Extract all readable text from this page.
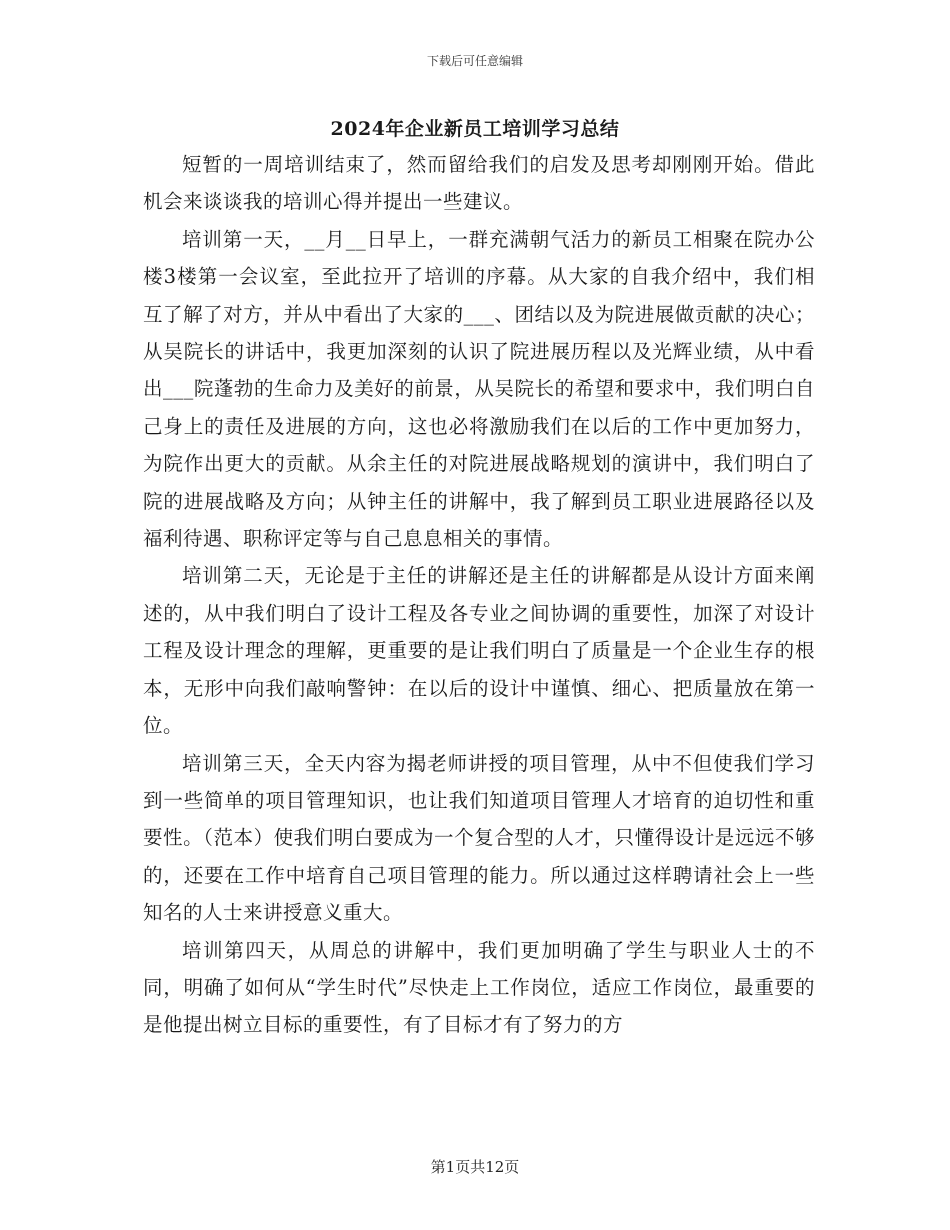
下载后可任意编辑
2024年企业新员工培训学习总结

短暂的一周培训结束了，然而留给我们的启发及思考却刚刚开始。借此机会来谈谈我的培训心得并提出一些建议。

培训第一天，__月__日早上，一群充满朝气活力的新员工相聚在院办公楼3楼第一会议室，至此拉开了培训的序幕。从大家的自我介绍中，我们相互了解了对方，并从中看出了大家的___、团结以及为院进展做贡献的决心；从吴院长的讲话中，我更加深刻的认识了院进展历程以及光辉业绩，从中看出___院蓬勃的生命力及美好的前景，从吴院长的希望和要求中，我们明白自己身上的责任及进展的方向，这也必将激励我们在以后的工作中更加努力，为院作出更大的贡献。从余主任的对院进展战略规划的演讲中，我们明白了院的进展战略及方向；从钟主任的讲解中，我了解到员工职业进展路径以及福利待遇、职称评定等与自己息息相关的事情。

培训第二天，无论是于主任的讲解还是主任的讲解都是从设计方面来阐述的，从中我们明白了设计工程及各专业之间协调的重要性，加深了对设计工程及设计理念的理解，更重要的是让我们明白了质量是一个企业生存的根本，无形中向我们敲响警钟：在以后的设计中谨慎、细心、把质量放在第一位。

培训第三天，全天内容为揭老师讲授的项目管理，从中不但使我们学习到一些简单的项目管理知识，也让我们知道项目管理人才培育的迫切性和重要性。（范本）使我们明白要成为一个复合型的人才，只懂得设计是远远不够的，还要在工作中培育自己项目管理的能力。所以通过这样聘请社会上一些知名的人士来讲授意义重大。

培训第四天，从周总的讲解中，我们更加明确了学生与职业人士的不同，明确了如何从“学生时代”尽快走上工作岗位，适应工作岗位，最重要的是他提出树立目标的重要性，有了目标才有了努力的方

第1页共12页
